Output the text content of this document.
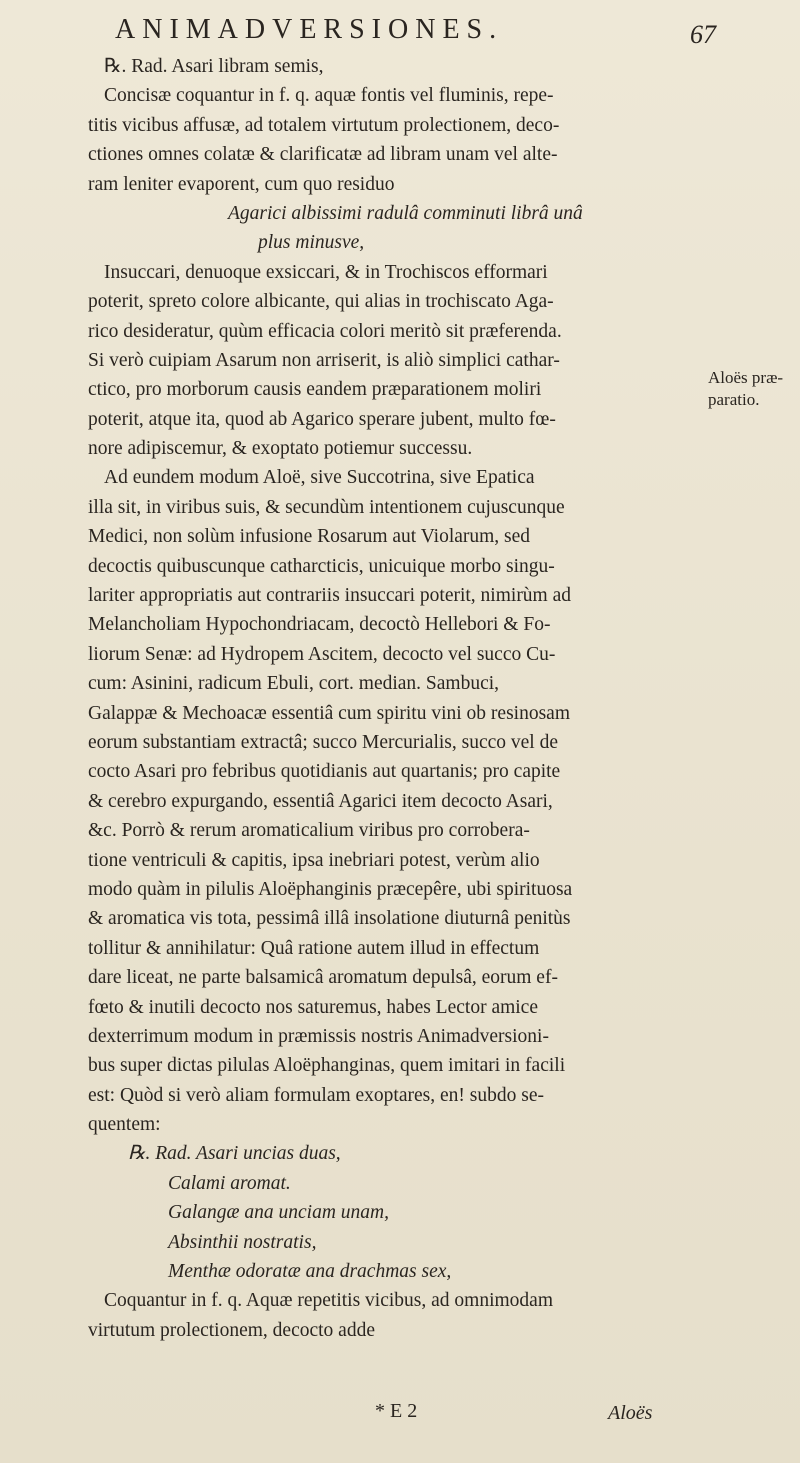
ANIMADVERSIONES.	67
℞. Rad. Asari libram semis,
Concisæ coquantur in f. q. aquæ fontis vel fluminis, repe-
titis vicibus affusæ, ad totalem virtutum prolectionem, deco-
ctiones omnes colatæ & clarificatæ ad libram unam vel alte-
ram leniter evaporent, cum quo residuo
Agarici albissimi radulâ comminuti librâ unâ
plus minusve,
Insuccari, denuoque exsiccari, & in Trochiscos efformari
poterit, spreto colore albicante, qui alias in trochiscato Aga-
rico desideratur, quùm efficacia colori meritò sit præferenda.
Si verò cuipiam Asarum non arriserit, is aliò simplici cathar-
ctico, pro morborum causis eandem præparationem moliri
poterit, atque ita, quod ab Agarico sperare jubent, multo fœ-
nore adipiscemur, & exoptato potiemur successu.
Ad eundem modum Aloë, sive Succotrina, sive Epatica
illa sit, in viribus suis, & secundùm intentionem cujuscunque
Medici, non solùm infusione Rosarum aut Violarum, sed
decoctis quibuscunque catharcticis, unicuique morbo singu-
lariter appropriatis aut contrariis insuccari poterit, nimirùm ad
Melancholiam Hypochondriacam, decoctò Hellebori & Fo-
liorum Senæ: ad Hydropem Ascitem, decocto vel succo Cu-
cum: Asinini, radicum Ebuli, cort. median. Sambuci,
Galappæ & Mechoacæ essentiâ cum spiritu vini ob resinosam
eorum substantiam extractâ; succo Mercurialis, succo vel de
cocto Asari pro febribus quotidianis aut quartanis; pro capite
& cerebro expurgando, essentiâ Agarici item decocto Asari,
&c. Porrò & rerum aromaticalium viribus pro corrobera-
tione ventriculi & capitis, ipsa inebriari potest, verùm alio
modo quàm in pilulis Aloëphanginis præcepêre, ubi spirituosa
& aromatica vis tota, pessimâ illâ insolatione diuturnâ penitùs
tollitur & annihilatur: Quâ ratione autem illud in effectum
dare liceat, ne parte balsamicâ aromatum depulsâ, eorum ef-
fœto & inutili decocto nos saturemus, habes Lector amice
dexterrimum modum in præmissis nostris Animadversioni-
bus super dictas pilulas Aloëphanginas, quem imitari in facili
est: Quòd si verò aliam formulam exoptares, en! subdo se-
quentem:
℞. Rad. Asari uncias duas,
Calami aromat.
Galangæ ana unciam unam,
Absinthii nostratis,
Menthæ odoratæ ana drachmas sex,
Coquantur in f. q. Aquæ repetitis vicibus, ad omnimodam
virtutum prolectionem, decocto adde
Aloës præ-
paratio.
* E 2	Aloës
